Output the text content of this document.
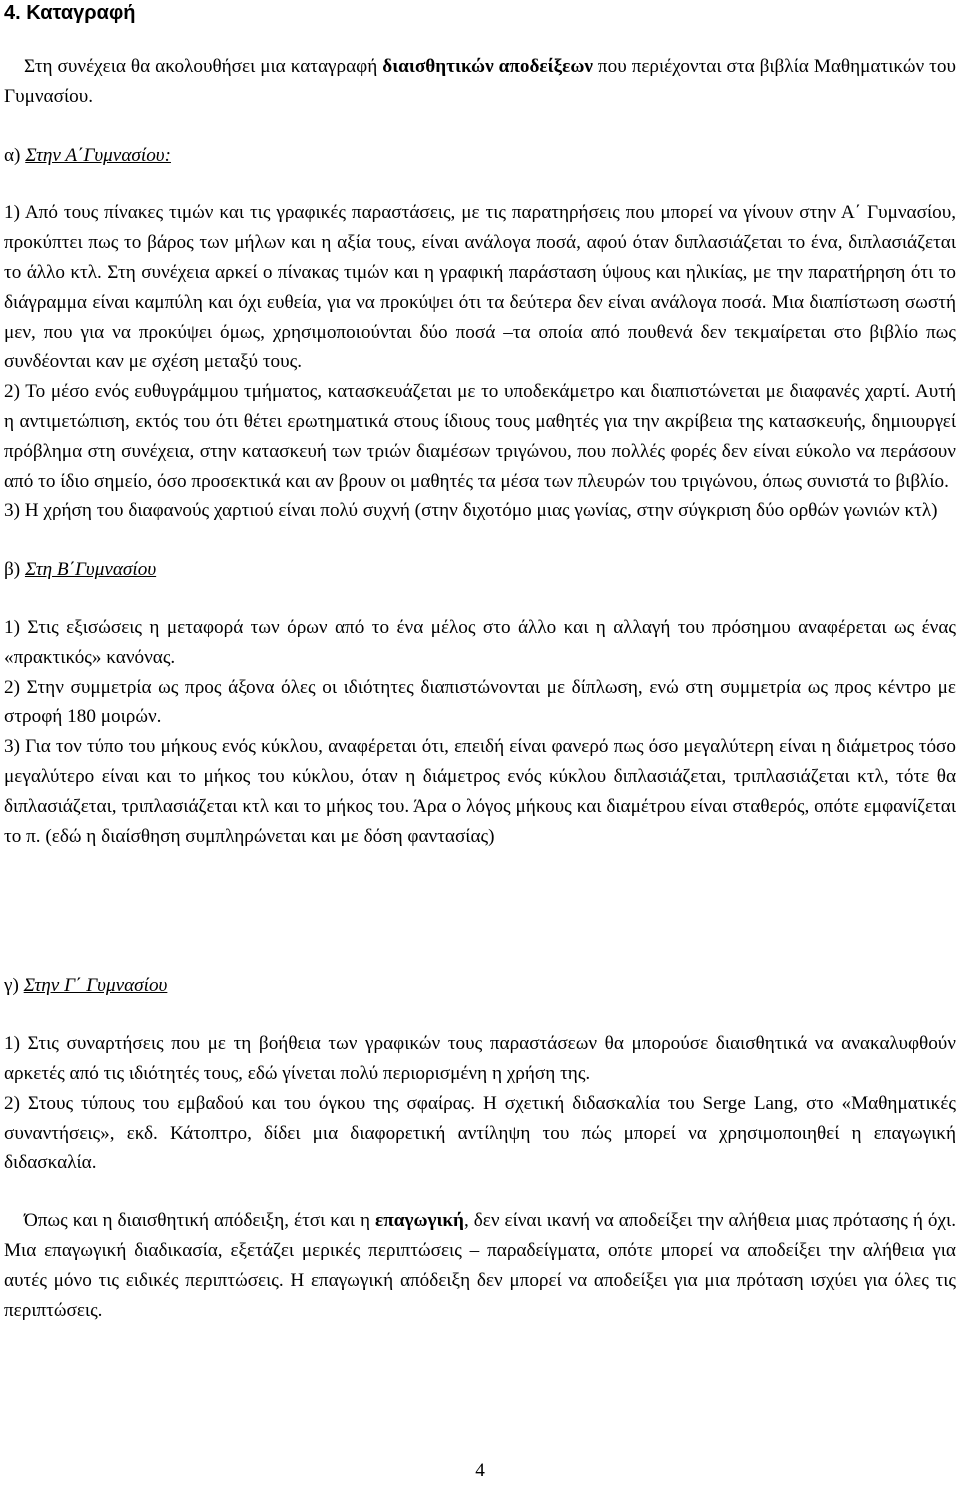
4. Καταγραφή

Στη συνέχεια θα ακολουθήσει μια καταγραφή διαισθητικών αποδείξεων που περιέχονται στα βιβλία Μαθηματικών του Γυμνασίου.

α) Στην Α΄Γυμνασίου:

1) Από τους πίνακες τιμών και τις γραφικές παραστάσεις, με τις παρατηρήσεις που μπορεί να γίνουν στην Α΄ Γυμνασίου, προκύπτει πως το βάρος των μήλων και η αξία τους, είναι ανάλογα ποσά, αφού όταν διπλασιάζεται το ένα, διπλασιάζεται το άλλο κτλ. Στη συνέχεια αρκεί ο πίνακας τιμών και η γραφική παράσταση ύψους και ηλικίας, με την παρατήρηση ότι το διάγραμμα είναι καμπύλη και όχι ευθεία, για να προκύψει ότι τα δεύτερα δεν είναι ανάλογα ποσά. Μια διαπίστωση σωστή μεν, που για να προκύψει όμως, χρησιμοποιούνται δύο ποσά –τα οποία από πουθενά δεν τεκμαίρεται στο βιβλίο πως συνδέονται καν με σχέση μεταξύ τους.

2) Το μέσο ενός ευθυγράμμου τμήματος, κατασκευάζεται με το υποδεκάμετρο και διαπιστώνεται με διαφανές χαρτί. Αυτή η αντιμετώπιση, εκτός του ότι θέτει ερωτηματικά στους ίδιους τους μαθητές για την ακρίβεια της κατασκευής, δημιουργεί πρόβλημα στη συνέχεια, στην κατασκευή των τριών διαμέσων τριγώνου, που πολλές φορές δεν είναι εύκολο να περάσουν από το ίδιο σημείο, όσο προσεκτικά και αν βρουν οι μαθητές τα μέσα των πλευρών του τριγώνου, όπως συνιστά το βιβλίο.

3) Η χρήση του διαφανούς χαρτιού είναι πολύ συχνή (στην διχοτόμο μιας γωνίας, στην σύγκριση δύο ορθών γωνιών κτλ)

β) Στη Β΄Γυμνασίου

1) Στις εξισώσεις η μεταφορά των όρων από το ένα μέλος στο άλλο και η αλλαγή του πρόσημου αναφέρεται ως ένας «πρακτικός» κανόνας.

2) Στην συμμετρία ως προς άξονα όλες οι ιδιότητες διαπιστώνονται με δίπλωση, ενώ στη συμμετρία ως προς κέντρο με στροφή 180 μοιρών.

3) Για τον τύπο του μήκους ενός κύκλου, αναφέρεται ότι, επειδή είναι φανερό πως όσο μεγαλύτερη είναι η διάμετρος τόσο μεγαλύτερο είναι και το μήκος του κύκλου, όταν η διάμετρος ενός κύκλου διπλασιάζεται, τριπλασιάζεται κτλ, τότε θα διπλασιάζεται, τριπλασιάζεται κτλ και το μήκος του. Άρα ο λόγος μήκους και διαμέτρου είναι σταθερός, οπότε εμφανίζεται το π. (εδώ η διαίσθηση συμπληρώνεται και με δόση φαντασίας)

γ) Στην Γ΄ Γυμνασίου

1) Στις συναρτήσεις που με τη βοήθεια των γραφικών τους παραστάσεων θα μπορούσε διαισθητικά να ανακαλυφθούν αρκετές από τις ιδιότητές τους, εδώ γίνεται πολύ περιορισμένη η χρήση της.

2) Στους τύπους του εμβαδού και του όγκου της σφαίρας. Η σχετική διδασκαλία του Serge Lang, στο «Μαθηματικές συναντήσεις», εκδ. Κάτοπτρο, δίδει μια διαφορετική αντίληψη του πώς μπορεί να χρησιμοποιηθεί η επαγωγική διδασκαλία.

Όπως και η διαισθητική απόδειξη, έτσι και η επαγωγική, δεν είναι ικανή να αποδείξει την αλήθεια μιας πρότασης ή όχι. Μια επαγωγική διαδικασία, εξετάζει μερικές περιπτώσεις – παραδείγματα, οπότε μπορεί να αποδείξει την αλήθεια για αυτές μόνο τις ειδικές περιπτώσεις. Η επαγωγική απόδειξη δεν μπορεί να αποδείξει για μια πρόταση ισχύει για όλες τις περιπτώσεις.

4
